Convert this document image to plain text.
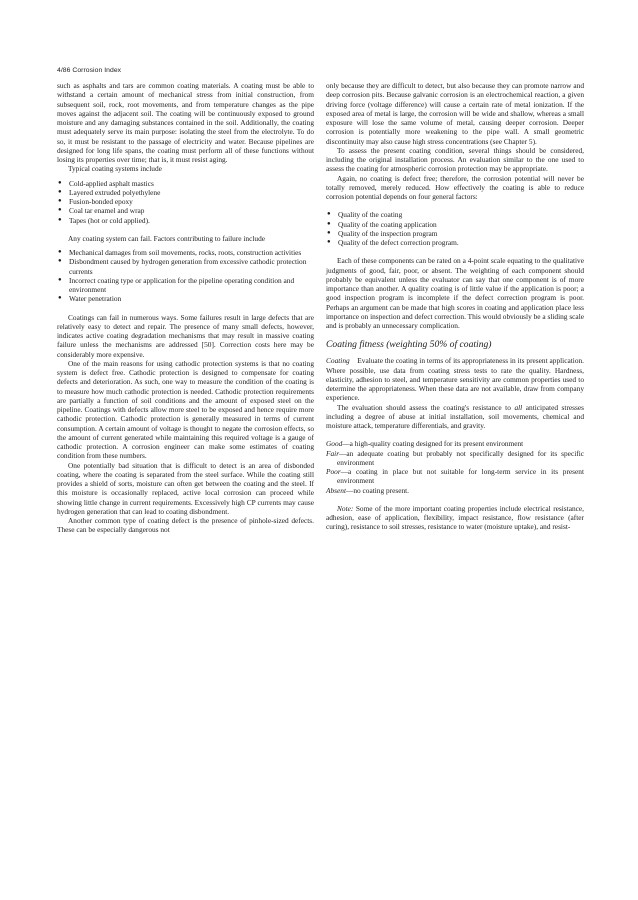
4/86 Corrosion Index

such as asphalts and tars are common coating materials. A coating must be able to withstand a certain amount of mechanical stress from initial construction, from subsequent soil, rock, root movements, and from temperature changes as the pipe moves against the adjacent soil. The coating will be continuously exposed to ground moisture and any damaging substances contained in the soil. Additionally, the coating must adequately serve its main purpose: isolating the steel from the electrolyte. To do so, it must be resistant to the passage of electricity and water. Because pipelines are designed for long life spans, the coating must perform all of these functions without losing its properties over time; that is, it must resist aging.

Typical coating systems include

● Cold-applied asphalt mastics
● Layered extruded polyethylene
● Fusion-bonded epoxy
● Coal tar enamel and wrap
● Tapes (hot or cold applied).

Any coating system can fail. Factors contributing to failure include

● Mechanical damages from soil movements, rocks, roots, construction activities
● Disbondment caused by hydrogen generation from excessive cathodic protection currents
● Incorrect coating type or application for the pipeline operating condition and environment
● Water penetration

Coatings can fail in numerous ways. Some failures result in large defects that are relatively easy to detect and repair. The presence of many small defects, however, indicates active coating degradation mechanisms that may result in massive coating failure unless the mechanisms are addressed [50]. Correction costs here may be considerably more expensive.

One of the main reasons for using cathodic protection systems is that no coating system is defect free. Cathodic protection is designed to compensate for coating defects and deterioration. As such, one way to measure the condition of the coating is to measure how much cathodic protection is needed. Cathodic protection requirements are partially a function of soil conditions and the amount of exposed steel on the pipeline. Coatings with defects allow more steel to be exposed and hence require more cathodic protection. Cathodic protection is generally measured in terms of current consumption. A certain amount of voltage is thought to negate the corrosion effects, so the amount of current generated while maintaining this required voltage is a gauge of cathodic protection. A corrosion engineer can make some estimates of coating condition from these numbers.

One potentially bad situation that is difficult to detect is an area of disbonded coating, where the coating is separated from the steel surface. While the coating still provides a shield of sorts, moisture can often get between the coating and the steel. If this moisture is occasionally replaced, active local corrosion can proceed while showing little change in current requirements. Excessively high CP currents may cause hydrogen generation that can lead to coating disbondment.

Another common type of coating defect is the presence of pinhole-sized defects. These can be especially dangerous not

only because they are difficult to detect, but also because they can promote narrow and deep corrosion pits. Because galvanic corrosion is an electrochemical reaction, a given driving force (voltage difference) will cause a certain rate of metal ionization. If the exposed area of metal is large, the corrosion will be wide and shallow, whereas a small exposure will lose the same volume of metal, causing deeper corrosion. Deeper corrosion is potentially more weakening to the pipe wall. A small geometric discontinuity may also cause high stress concentrations (see Chapter 5).

To assess the present coating condition, several things should be considered, including the original installation process. An evaluation similar to the one used to assess the coating for atmospheric corrosion protection may be appropriate.

Again, no coating is defect free; therefore, the corrosion potential will never be totally removed, merely reduced. How effectively the coating is able to reduce corrosion potential depends on four general factors:

● Quality of the coating
● Quality of the coating application
● Quality of the inspection program
● Quality of the defect correction program.

Each of these components can be rated on a 4-point scale equating to the qualitative judgments of good, fair, poor, or absent. The weighting of each component should probably be equivalent unless the evaluator can say that one component is of more importance than another. A quality coating is of little value if the application is poor; a good inspection program is incomplete if the defect correction program is poor. Perhaps an argument can be made that high scores in coating and application place less importance on inspection and defect correction. This would obviously be a sliding scale and is probably an unnecessary complication.

Coating fitness (weighting 50% of coating)

Coating Evaluate the coating in terms of its appropriateness in its present application. Where possible, use data from coating stress tests to rate the quality. Hardness, elasticity, adhesion to steel, and temperature sensitivity are common properties used to determine the appropriateness. When these data are not available, draw from company experience.

The evaluation should assess the coating's resistance to all anticipated stresses including a degree of abuse at initial installation, soil movements, chemical and moisture attack, temperature differentials, and gravity.

Good—a high-quality coating designed for its present environment

Fair—an adequate coating but probably not specifically designed for its specific environment

Poor—a coating in place but not suitable for long-term service in its present environment

Absent—no coating present.

Note: Some of the more important coating properties include electrical resistance, adhesion, ease of application, flexibility, impact resistance, flow resistance (after curing), resistance to soil stresses, resistance to water (moisture uptake), and resist-
